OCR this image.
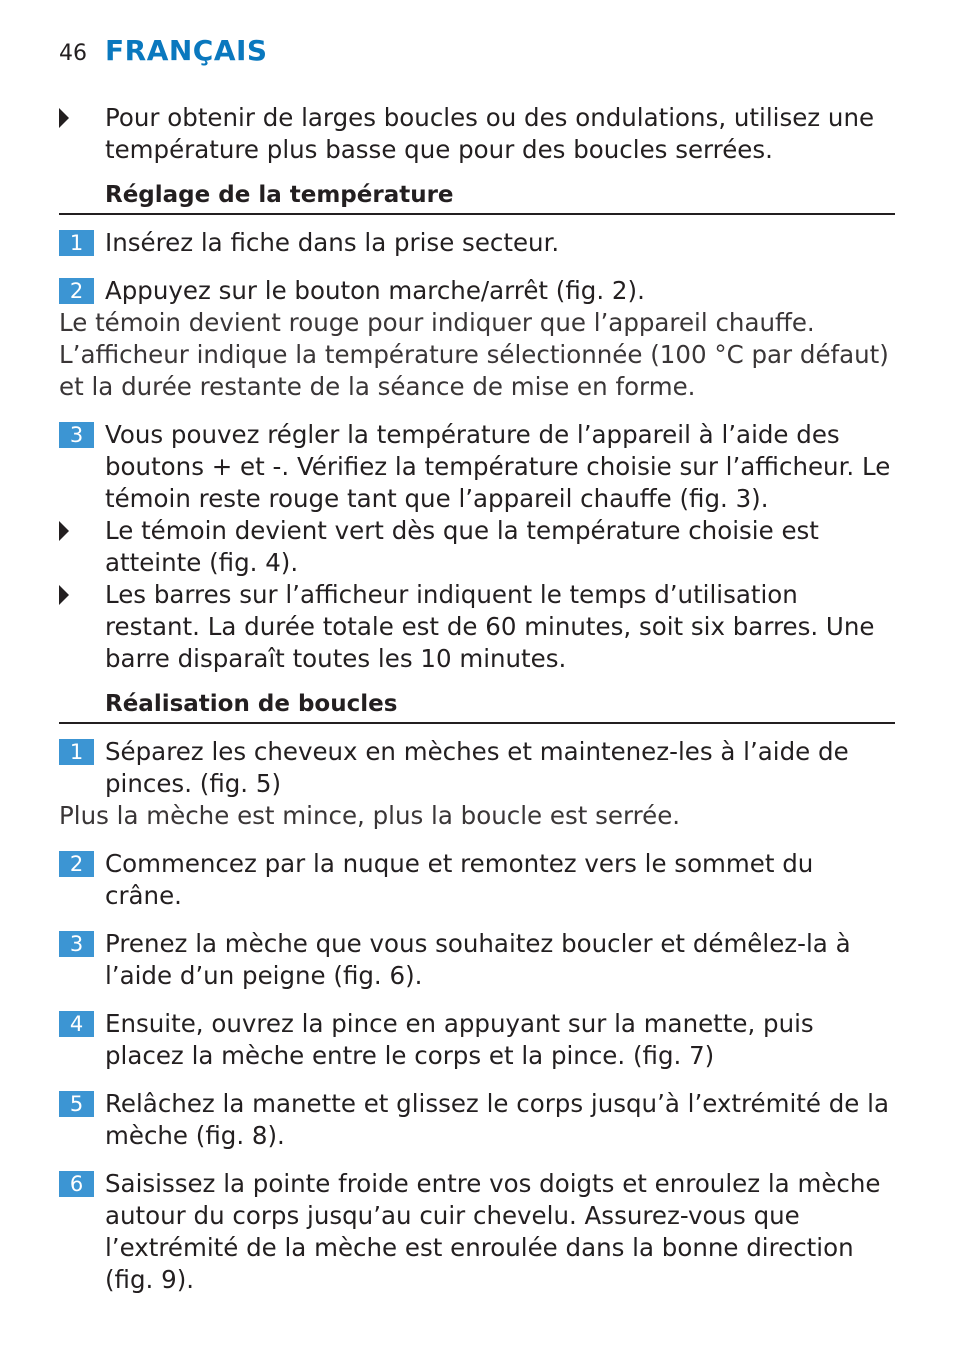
46 FRANÇAIS
Pour obtenir de larges boucles ou des ondulations, utilisez une température plus basse que pour des boucles serrées.
Réglage de la température
1 Insérez la fiche dans la prise secteur.
2 Appuyez sur le bouton marche/arrêt (fig. 2).
Le témoin devient rouge pour indiquer que l’appareil chauffe. L’afficheur indique la température sélectionnée (100 °C par défaut) et la durée restante de la séance de mise en forme.
3 Vous pouvez régler la température de l’appareil à l’aide des boutons + et -. Vérifiez la température choisie sur l’afficheur. Le témoin reste rouge tant que l’appareil chauffe (fig. 3).
Le témoin devient vert dès que la température choisie est atteinte (fig. 4).
Les barres sur l’afficheur indiquent le temps d’utilisation restant. La durée totale est de 60 minutes, soit six barres. Une barre disparaît toutes les 10 minutes.
Réalisation de boucles
1 Séparez les cheveux en mèches et maintenez-les à l’aide de pinces. (fig. 5)
Plus la mèche est mince, plus la boucle est serrée.
2 Commencez par la nuque et remontez vers le sommet du crâne.
3 Prenez la mèche que vous souhaitez boucler et démêlez-la à l’aide d’un peigne (fig. 6).
4 Ensuite, ouvrez la pince en appuyant sur la manette, puis placez la mèche entre le corps et la pince. (fig. 7)
5 Relâchez la manette et glissez le corps jusqu’à l’extrémité de la mèche (fig. 8).
6 Saisissez la pointe froide entre vos doigts et enroulez la mèche autour du corps jusqu’au cuir chevelu. Assurez-vous que l’extrémité de la mèche est enroulée dans la bonne direction (fig. 9).
